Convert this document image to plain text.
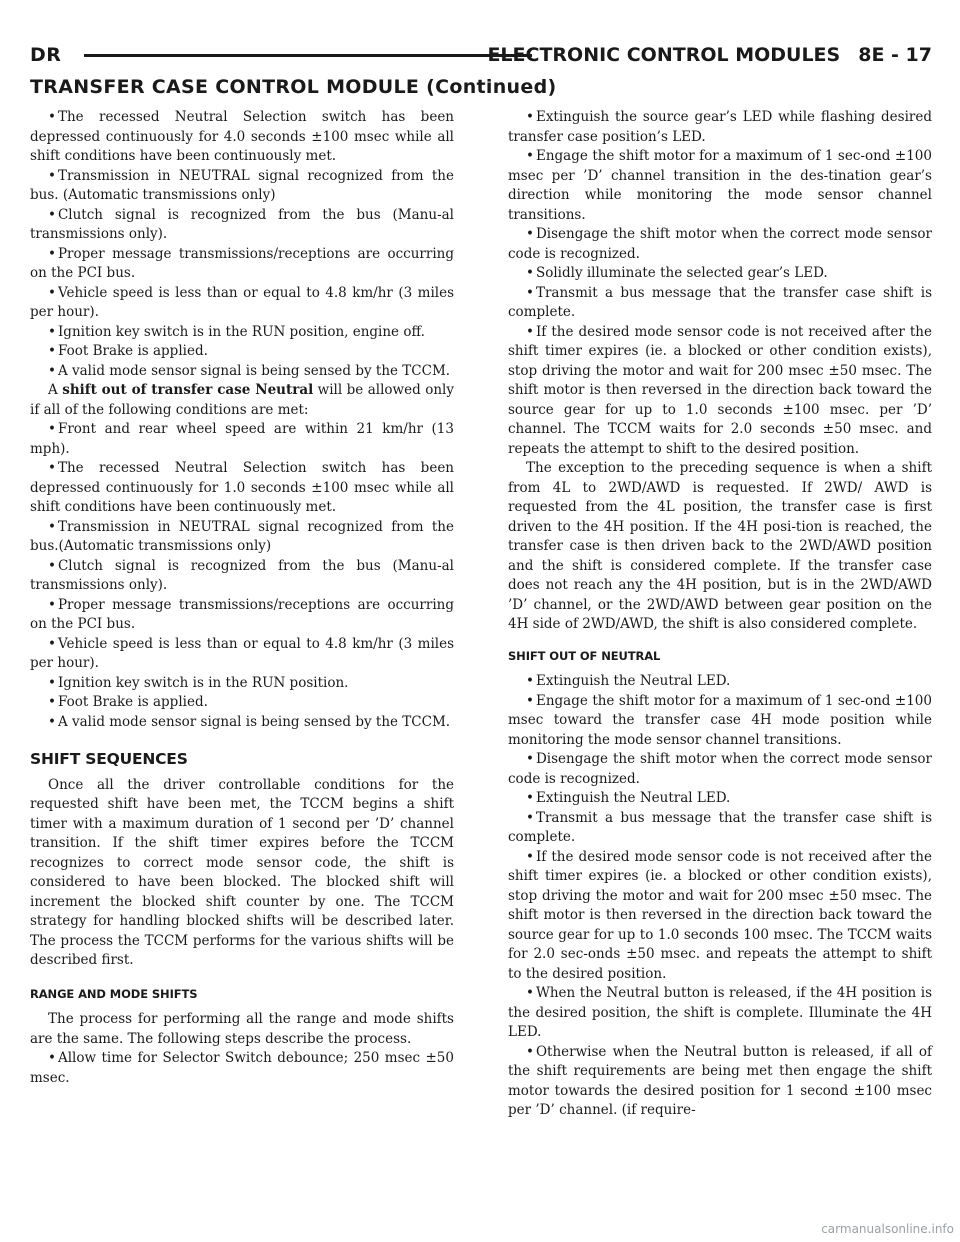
DR	ELECTRONIC CONTROL MODULES 8E - 17
TRANSFER CASE CONTROL MODULE (Continued)

• The recessed Neutral Selection switch has been depressed continuously for 4.0 seconds ±100 msec while all shift conditions have been continuously met.

• Transmission in NEUTRAL signal recognized from the bus. (Automatic transmissions only)

• Clutch signal is recognized from the bus (Manu-al transmissions only).

• Proper message transmissions/receptions are occurring on the PCI bus.

• Vehicle speed is less than or equal to 4.8 km/hr (3 miles per hour).

• Ignition key switch is in the RUN position, engine off.

• Foot Brake is applied.

• A valid mode sensor signal is being sensed by the TCCM.

A shift out of transfer case Neutral will be allowed only if all of the following conditions are met:

• Front and rear wheel speed are within 21 km/hr (13 mph).

• The recessed Neutral Selection switch has been depressed continuously for 1.0 seconds ±100 msec while all shift conditions have been continuously met.

• Transmission in NEUTRAL signal recognized from the bus.(Automatic transmissions only)

• Clutch signal is recognized from the bus (Manu-al transmissions only).

• Proper message transmissions/receptions are occurring on the PCI bus.

• Vehicle speed is less than or equal to 4.8 km/hr (3 miles per hour).

• Ignition key switch is in the RUN position.

• Foot Brake is applied.

• A valid mode sensor signal is being sensed by the TCCM.

SHIFT SEQUENCES

Once all the driver controllable conditions for the requested shift have been met, the TCCM begins a shift timer with a maximum duration of 1 second per ’D’ channel transition. If the shift timer expires before the TCCM recognizes to correct mode sensor code, the shift is considered to have been blocked. The blocked shift will increment the blocked shift counter by one. The TCCM strategy for handling blocked shifts will be described later. The process the TCCM performs for the various shifts will be described first.

RANGE AND MODE SHIFTS

The process for performing all the range and mode shifts are the same. The following steps describe the process.

• Allow time for Selector Switch debounce; 250 msec ±50 msec.

• Extinguish the source gear’s LED while flashing desired transfer case position’s LED.

• Engage the shift motor for a maximum of 1 sec-ond ±100 msec per ’D’ channel transition in the des-tination gear’s direction while monitoring the mode sensor channel transitions.

• Disengage the shift motor when the correct mode sensor code is recognized.

• Solidly illuminate the selected gear’s LED.

• Transmit a bus message that the transfer case shift is complete.

• If the desired mode sensor code is not received after the shift timer expires (ie. a blocked or other condition exists), stop driving the motor and wait for 200 msec ±50 msec. The shift motor is then reversed in the direction back toward the source gear for up to 1.0 seconds ±100 msec. per ’D’ channel. The TCCM waits for 2.0 seconds ±50 msec. and repeats the attempt to shift to the desired position.

The exception to the preceding sequence is when a shift from 4L to 2WD/AWD is requested. If 2WD/ AWD is requested from the 4L position, the transfer case is first driven to the 4H position. If the 4H posi-tion is reached, the transfer case is then driven back to the 2WD/AWD position and the shift is considered complete. If the transfer case does not reach any the 4H position, but is in the 2WD/AWD ’D’ channel, or the 2WD/AWD between gear position on the 4H side of 2WD/AWD, the shift is also considered complete.

SHIFT OUT OF NEUTRAL

• Extinguish the Neutral LED.

• Engage the shift motor for a maximum of 1 sec-ond ±100 msec toward the transfer case 4H mode position while monitoring the mode sensor channel transitions.

• Disengage the shift motor when the correct mode sensor code is recognized.

• Extinguish the Neutral LED.

• Transmit a bus message that the transfer case shift is complete.

• If the desired mode sensor code is not received after the shift timer expires (ie. a blocked or other condition exists), stop driving the motor and wait for 200 msec ±50 msec. The shift motor is then reversed in the direction back toward the source gear for up to 1.0 seconds 100 msec. The TCCM waits for 2.0 sec-onds ±50 msec. and repeats the attempt to shift to the desired position.

• When the Neutral button is released, if the 4H position is the desired position, the shift is complete. Illuminate the 4H LED.

• Otherwise when the Neutral button is released, if all of the shift requirements are being met then engage the shift motor towards the desired position for 1 second ±100 msec per ’D’ channel. (if require-

carmanualsonline.info
